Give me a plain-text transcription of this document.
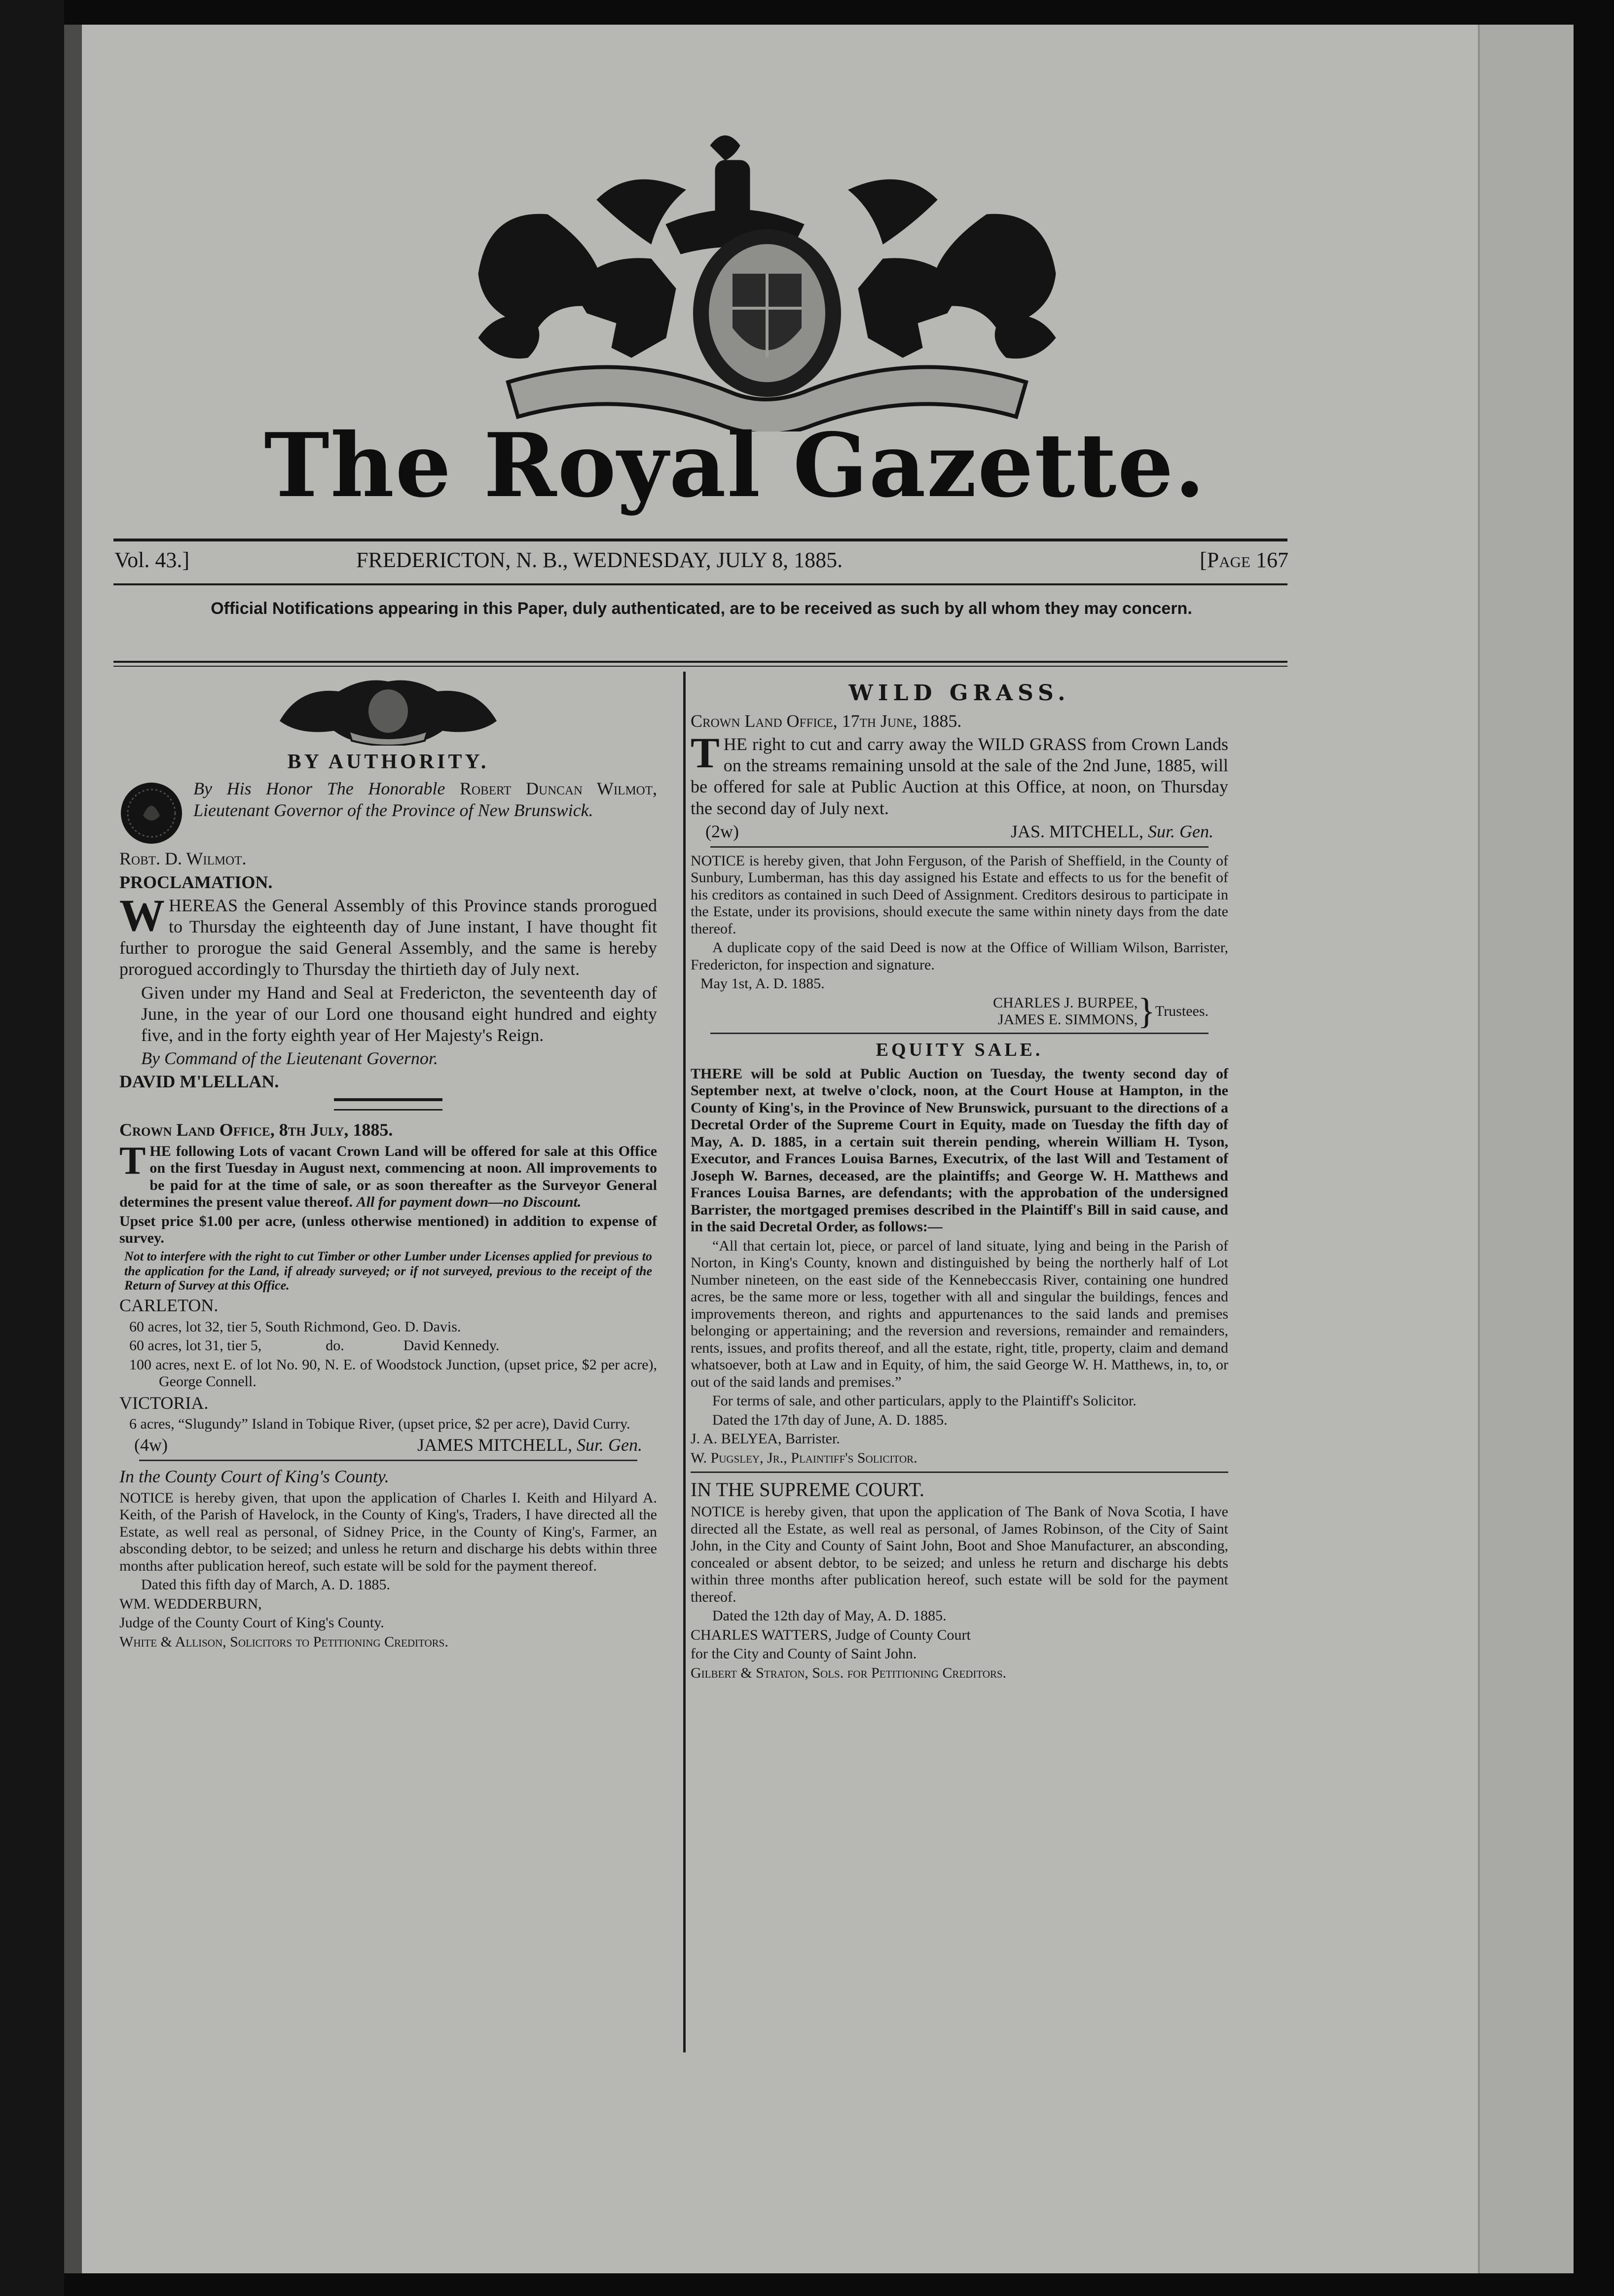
The Royal Gazette.
Vol. 43.]	FREDERICTON, N. B., WEDNESDAY, JULY 8, 1885.	[Page 167
Official Notifications appearing in this Paper, duly authenticated, are to be received as such by all whom they may concern.
BY AUTHORITY.

By His Honor The Honorable Robert Duncan Wilmot, Lieutenant Governor of the Province of New Brunswick.

Robt. D. Wilmot.

PROCLAMATION.

WHEREAS the General Assembly of this Province stands prorogued to Thursday the eighteenth day of June instant, I have thought fit further to prorogue the said General Assembly, and the same is hereby prorogued accordingly to Thursday the thirtieth day of July next.

Given under my Hand and Seal at Fredericton, the seventeenth day of June, in the year of our Lord one thousand eight hundred and eighty five, and in the forty eighth year of Her Majesty's Reign.

By Command of the Lieutenant Governor.

DAVID M'LELLAN.

Crown Land Office, 8th July, 1885.

THE following Lots of vacant Crown Land will be offered for sale at this Office on the first Tuesday in August next, commencing at noon. All improvements to be paid for at the time of sale, or as soon thereafter as the Surveyor General determines the present value thereof. All for payment down—no Discount.

Upset price $1.00 per acre, (unless otherwise mentioned) in addition to expense of survey.

Not to interfere with the right to cut Timber or other Lumber under Licenses applied for previous to the application for the Land, if already surveyed; or if not surveyed, previous to the receipt of the Return of Survey at this Office.

CARLETON.

60 acres, lot 32, tier 5, South Richmond, Geo. D. Davis.

60 acres, lot 31, tier 5,	do.	David Kennedy.

100 acres, next E. of lot No. 90, N. E. of Woodstock Junction, (upset price, $2 per acre), George Connell.

VICTORIA.

6 acres, “Slugundy” Island in Tobique River, (upset price, $2 per acre), David Curry.

(4w)	JAMES MITCHELL, Sur. Gen.

In the County Court of King's County.

NOTICE is hereby given, that upon the application of Charles I. Keith and Hilyard A. Keith, of the Parish of Havelock, in the County of King's, Traders, I have directed all the Estate, as well real as personal, of Sidney Price, in the County of King's, Farmer, an absconding debtor, to be seized; and unless he return and discharge his debts within three months after publication hereof, such estate will be sold for the payment thereof.

Dated this fifth day of March, A. D. 1885.

WM. WEDDERBURN,

Judge of the County Court of King's County.

White & Allison, Solicitors to Petitioning Creditors.

WILD GRASS.

Crown Land Office, 17th June, 1885.

THE right to cut and carry away the WILD GRASS from Crown Lands on the streams remaining unsold at the sale of the 2nd June, 1885, will be offered for sale at Public Auction at this Office, at noon, on Thursday the second day of July next.

(2w)	JAS. MITCHELL, Sur. Gen.

NOTICE is hereby given, that John Ferguson, of the Parish of Sheffield, in the County of Sunbury, Lumberman, has this day assigned his Estate and effects to us for the benefit of his creditors as contained in such Deed of Assignment. Creditors desirous to participate in the Estate, under its provisions, should execute the same within ninety days from the date thereof.

A duplicate copy of the said Deed is now at the Office of William Wilson, Barrister, Fredericton, for inspection and signature.

May 1st, A. D. 1885.

CHARLES J. BURPEE,
JAMES E. SIMMONS, } Trustees.
EQUITY SALE.

THERE will be sold at Public Auction on Tuesday, the twenty second day of September next, at twelve o'clock, noon, at the Court House at Hampton, in the County of King's, in the Province of New Brunswick, pursuant to the directions of a Decretal Order of the Supreme Court in Equity, made on Tuesday the fifth day of May, A. D. 1885, in a certain suit therein pending, wherein William H. Tyson, Executor, and Frances Louisa Barnes, Executrix, of the last Will and Testament of Joseph W. Barnes, deceased, are the plaintiffs; and George W. H. Matthews and Frances Louisa Barnes, are defendants; with the approbation of the undersigned Barrister, the mortgaged premises described in the Plaintiff's Bill in said cause, and in the said Decretal Order, as follows:—

“All that certain lot, piece, or parcel of land situate, lying and being in the Parish of Norton, in King's County, known and distinguished by being the northerly half of Lot Number nineteen, on the east side of the Kennebeccasis River, containing one hundred acres, be the same more or less, together with all and singular the buildings, fences and improvements thereon, and rights and appurtenances to the said lands and premises belonging or appertaining; and the reversion and reversions, remainder and remainders, rents, issues, and profits thereof, and all the estate, right, title, property, claim and demand whatsoever, both at Law and in Equity, of him, the said George W. H. Matthews, in, to, or out of the said lands and premises.”

For terms of sale, and other particulars, apply to the Plaintiff's Solicitor.

Dated the 17th day of June, A. D. 1885.

J. A. BELYEA, Barrister.

W. Pugsley, Jr., Plaintiff's Solicitor.

IN THE SUPREME COURT.

NOTICE is hereby given, that upon the application of The Bank of Nova Scotia, I have directed all the Estate, as well real as personal, of James Robinson, of the City of Saint John, in the City and County of Saint John, Boot and Shoe Manufacturer, an absconding, concealed or absent debtor, to be seized; and unless he return and discharge his debts within three months after publication hereof, such estate will be sold for the payment thereof.

Dated the 12th day of May, A. D. 1885.

CHARLES WATTERS, Judge of County Court

for the City and County of Saint John.

Gilbert & Straton, Sols. for Petitioning Creditors.
